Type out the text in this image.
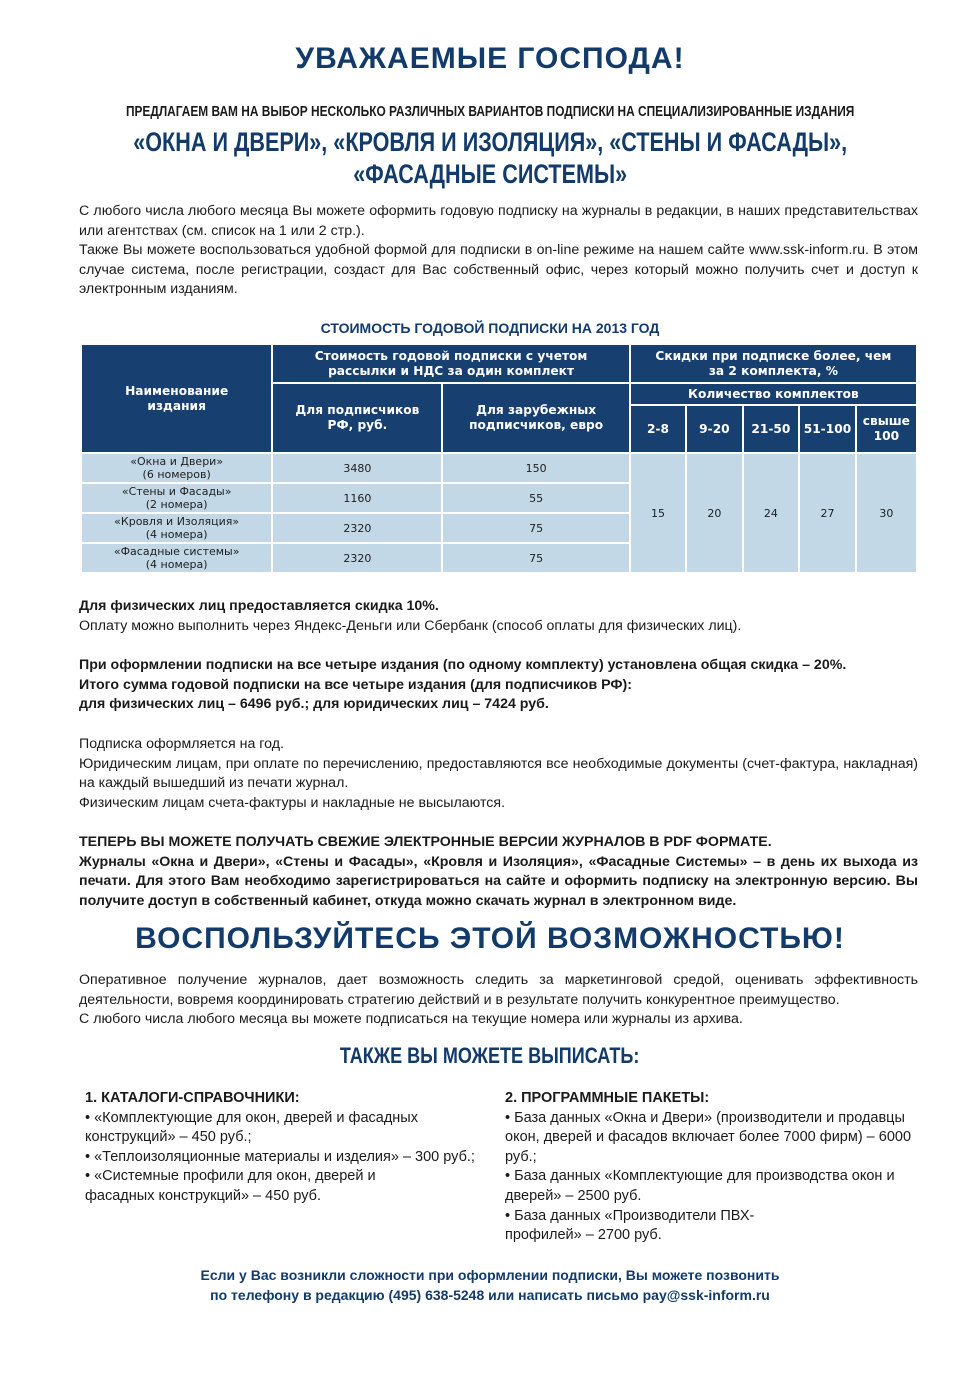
УВАЖАЕМЫЕ ГОСПОДА!
ПРЕДЛАГАЕМ ВАМ НА ВЫБОР НЕСКОЛЬКО РАЗЛИЧНЫХ ВАРИАНТОВ ПОДПИСКИ НА СПЕЦИАЛИЗИРОВАННЫЕ ИЗДАНИЯ
«ОКНА И ДВЕРИ», «КРОВЛЯ И ИЗОЛЯЦИЯ», «СТЕНЫ И ФАСАДЫ»,
«ФАСАДНЫЕ СИСТЕМЫ»

С любого числа любого месяца Вы можете оформить годовую подписку на журналы в редакции, в наших представительствах или агентствах (см. список на 1 или 2 стр.).

Также Вы можете воспользоваться удобной формой для подписки в on-line режиме на нашем сайте www.ssk-inform.ru. В этом случае система, после регистрации, создаст для Вас собственный офис, через который можно получить счет и доступ к электронным изданиям.

СТОИМОСТЬ ГОДОВОЙ ПОДПИСКИ НА 2013 ГОД
Наименование издания	Стоимость годовой подписки с учетом рассылки и НДС за один комплект		Скидки при подписке более, чем за 2 комплекта, %				
	Для подписчиков РФ, руб.	Для зарубежных подписчиков, евро	Количество комплектов				
			2-8	9-20	21-50	51-100	свыше 100
«Окна и Двери»
(6 номеров)	3480	150	15	20	24	27	30
«Стены и Фасады»
(2 номера)	1160	55					
«Кровля и Изоляция»
(4 номера)	2320	75					
«Фасадные системы»
(4 номера)	2320	75					

Для физических лиц предоставляется скидка 10%.

Оплату можно выполнить через Яндекс-Деньги или Сбербанк (способ оплаты для физических лиц).

При оформлении подписки на все четыре издания (по одному комплекту) установлена общая скидка – 20%.

Итого сумма годовой подписки на все четыре издания (для подписчиков РФ):

для физических лиц – 6496 руб.; для юридических лиц – 7424 руб.

Подписка оформляется на год.

Юридическим лицам, при оплате по перечислению, предоставляются все необходимые документы (счет-фактура, накладная) на каждый вышедший из печати журнал.

Физическим лицам счета-фактуры и накладные не высылаются.

ТЕПЕРЬ ВЫ МОЖЕТЕ ПОЛУЧАТЬ СВЕЖИЕ ЭЛЕКТРОННЫЕ ВЕРСИИ ЖУРНАЛОВ В PDF ФОРМАТЕ.

Журналы «Окна и Двери», «Стены и Фасады», «Кровля и Изоляция», «Фасадные Системы» – в день их выхода из печати. Для этого Вам необходимо зарегистрироваться на сайте и оформить подписку на электронную версию. Вы получите доступ в собственный кабинет, откуда можно скачать журнал в электронном виде.

ВОСПОЛЬЗУЙТЕСЬ ЭТОЙ ВОЗМОЖНОСТЬЮ!

Оперативное получение журналов, дает возможность следить за маркетинговой средой, оценивать эффективность деятельности, вовремя координировать стратегию действий и в результате получить конкурентное преимущество.

С любого числа любого месяца вы можете подписаться на текущие номера или журналы из архива.

ТАКЖЕ ВЫ МОЖЕТЕ ВЫПИСАТЬ:
1. КАТАЛОГИ-СПРАВОЧНИКИ:
• «Комплектующие для окон, дверей и фасадных конструкций» – 450 руб.;
• «Теплоизоляционные материалы и изделия» – 300 руб.;
• «Системные профили для окон, дверей и фасадных конструкций» – 450 руб.
2. ПРОГРАММНЫЕ ПАКЕТЫ:
• База данных «Окна и Двери» (производители и продавцы окон, дверей и фасадов включает более 7000 фирм) – 6000 руб.;
• База данных «Комплектующие для производства окон и дверей» – 2500 руб.
• База данных «Производители ПВХ-профилей» – 2700 руб.
Если у Вас возникли сложности при оформлении подписки, Вы можете позвонить
по телефону в редакцию (495) 638-5248 или написать письмо pay@ssk-inform.ru
